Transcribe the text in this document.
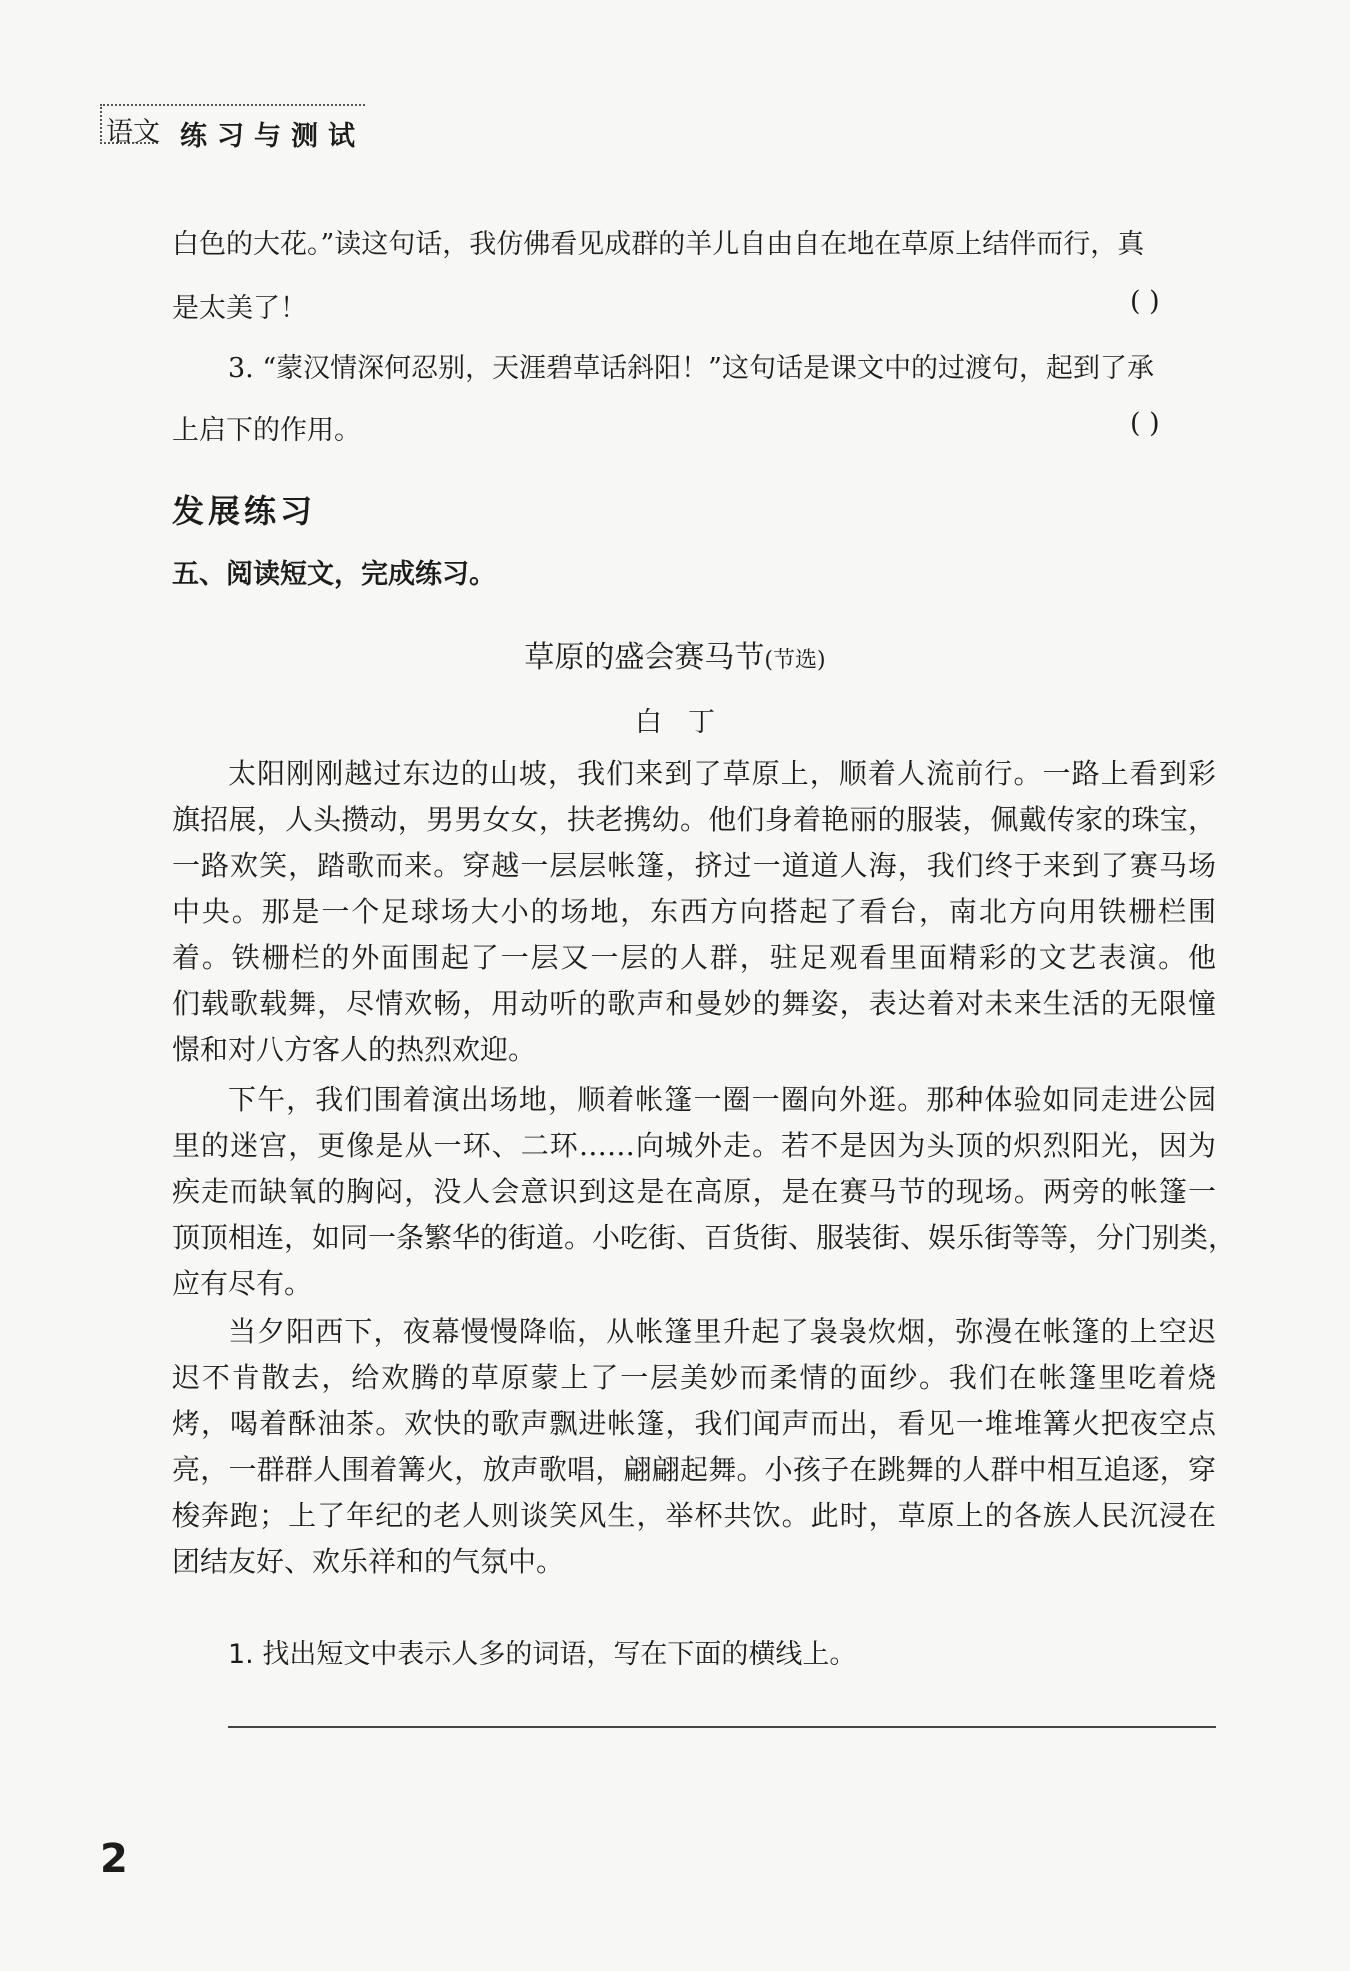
语文 练习与测试
白色的大花。”读这句话，我仿佛看见成群的羊儿自由自在地在草原上结伴而行，真
是太美了！	( )
3. “蒙汉情深何忍别，天涯碧草话斜阳！”这句话是课文中的过渡句，起到了承
上启下的作用。	( )
发展练习
五、阅读短文，完成练习。
草原的盛会赛马节(节选)
白丁
太阳刚刚越过东边的山坡，我们来到了草原上，顺着人流前行。一路上看到彩
旗招展，人头攒动，男男女女，扶老携幼。他们身着艳丽的服装，佩戴传家的珠宝，
一路欢笑，踏歌而来。穿越一层层帐篷，挤过一道道人海，我们终于来到了赛马场
中央。那是一个足球场大小的场地，东西方向搭起了看台，南北方向用铁栅栏围
着。铁栅栏的外面围起了一层又一层的人群，驻足观看里面精彩的文艺表演。他
们载歌载舞，尽情欢畅，用动听的歌声和曼妙的舞姿，表达着对未来生活的无限憧
憬和对八方客人的热烈欢迎。
下午，我们围着演出场地，顺着帐篷一圈一圈向外逛。那种体验如同走进公园
里的迷宫，更像是从一环、二环……向城外走。若不是因为头顶的炽烈阳光，因为
疾走而缺氧的胸闷，没人会意识到这是在高原，是在赛马节的现场。两旁的帐篷一
顶顶相连，如同一条繁华的街道。小吃街、百货街、服装街、娱乐街等等，分门别类，
应有尽有。
当夕阳西下，夜幕慢慢降临，从帐篷里升起了袅袅炊烟，弥漫在帐篷的上空迟
迟不肯散去，给欢腾的草原蒙上了一层美妙而柔情的面纱。我们在帐篷里吃着烧
烤，喝着酥油茶。欢快的歌声飘进帐篷，我们闻声而出，看见一堆堆篝火把夜空点
亮，一群群人围着篝火，放声歌唱，翩翩起舞。小孩子在跳舞的人群中相互追逐，穿
梭奔跑；上了年纪的老人则谈笑风生，举杯共饮。此时，草原上的各族人民沉浸在
团结友好、欢乐祥和的气氛中。
1. 找出短文中表示人多的词语，写在下面的横线上。
2
